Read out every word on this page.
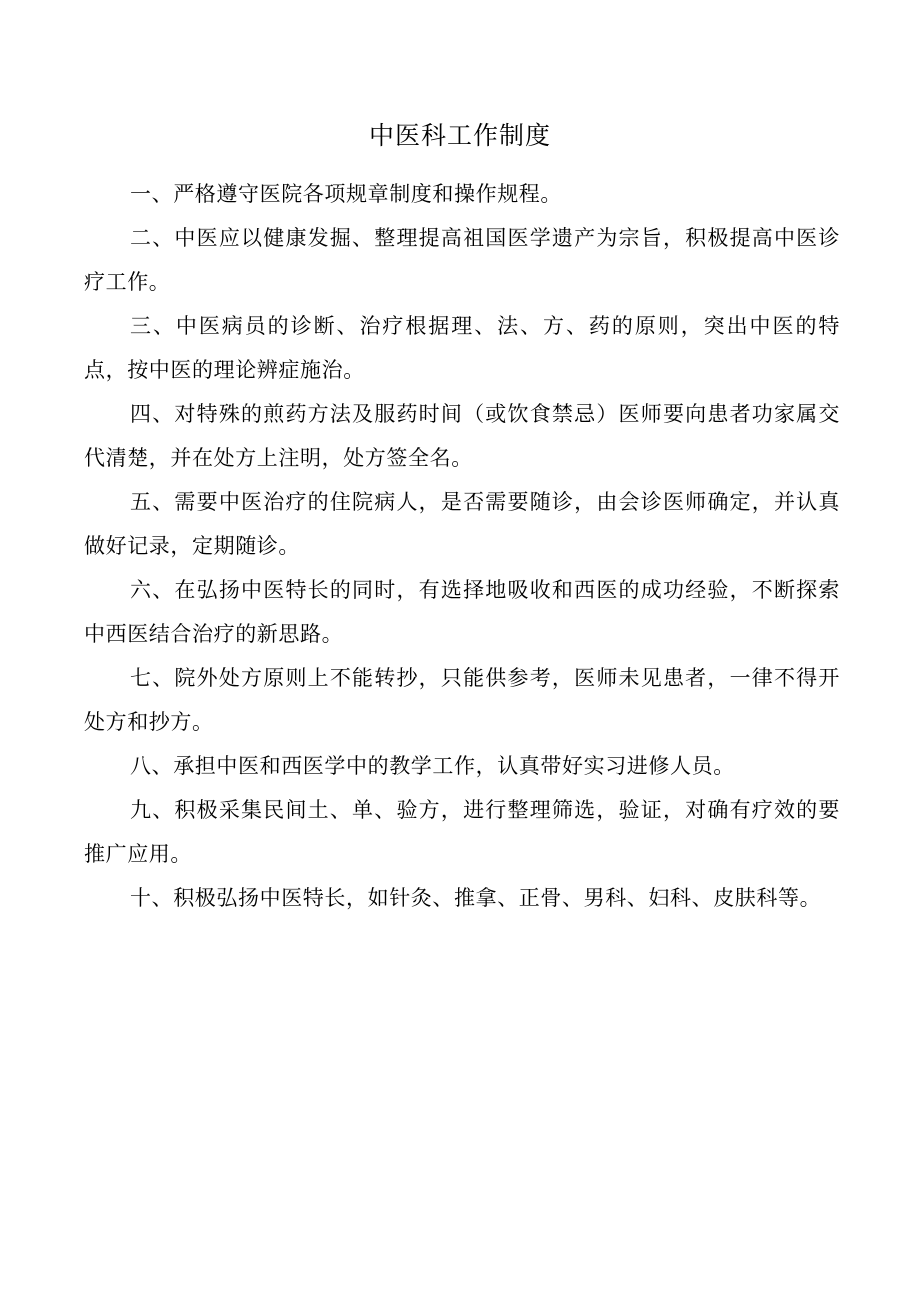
中医科工作制度
一、严格遵守医院各项规章制度和操作规程。
二、中医应以健康发掘、整理提高祖国医学遗产为宗旨，积极提高中医诊疗工作。
三、中医病员的诊断、治疗根据理、法、方、药的原则，突出中医的特点，按中医的理论辨症施治。
四、对特殊的煎药方法及服药时间（或饮食禁忌）医师要向患者功家属交代清楚，并在处方上注明，处方签全名。
五、需要中医治疗的住院病人，是否需要随诊，由会诊医师确定，并认真做好记录，定期随诊。
六、在弘扬中医特长的同时，有选择地吸收和西医的成功经验，不断探索中西医结合治疗的新思路。
七、院外处方原则上不能转抄，只能供参考，医师未见患者，一律不得开处方和抄方。
八、承担中医和西医学中的教学工作，认真带好实习进修人员。
九、积极采集民间土、单、验方，进行整理筛选，验证，对确有疗效的要推广应用。
十、积极弘扬中医特长，如针灸、推拿、正骨、男科、妇科、皮肤科等。
